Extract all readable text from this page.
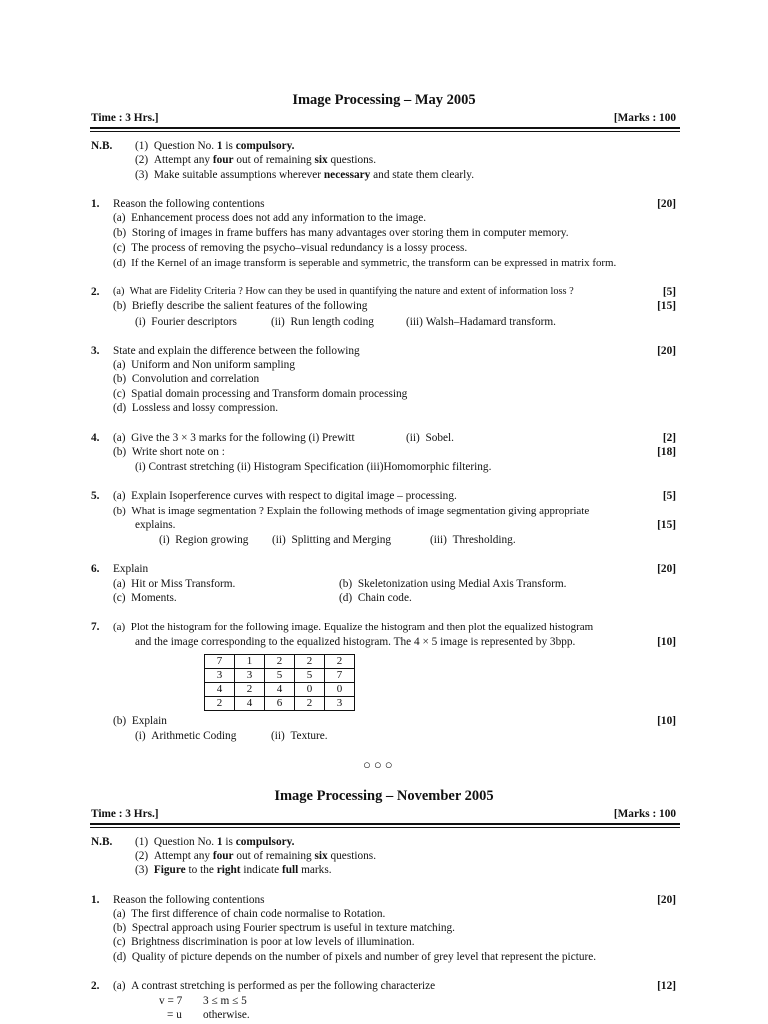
Image Processing – May 2005
Time : 3 Hrs.]	[Marks : 100
N.B. (1) Question No. 1 is compulsory.
(2) Attempt any four out of remaining six questions.
(3) Make suitable assumptions wherever necessary and state them clearly.
1. Reason the following contentions	[20]
(a)  Enhancement process does not add any information to the image.
(b)  Storing of images in frame buffers has many advantages over storing them in computer memory.
(c)  The process of removing the psycho–visual redundancy is a lossy process.
(d)  If the Kernel of an image transform is seperable and symmetric, the transform can be expressed in matrix form.
2. (a)  What are Fidelity Criteria ? How can they be used in quantifying the nature and extent of information loss ?	[5]
(b)  Briefly describe the salient features of the following	[15]
(i)  Fourier descriptors	(ii)  Run length coding	(iii) Walsh–Hadamard transform.
3. State and explain the difference between the following	[20]
(a)  Uniform and Non uniform sampling
(b)  Convolution and correlation
(c)  Spatial domain processing and Transform domain processing
(d)  Lossless and lossy compression.
4. (a)  Give the 3 × 3 marks for the following (i) Prewitt	(ii)  Sobel.	[2]
(b)  Write short note on :	[18]
(i) Contrast stretching (ii) Histogram Specification (iii)Homomorphic filtering.
5. (a)  Explain Isoperference curves with respect to digital image – processing.	[5]
(b)  What is image segmentation ? Explain the following methods of image segmentation giving appropriate
explains.	[15]
(i)  Region growing (ii)  Splitting and Merging	(iii)  Thresholding.
6. Explain	[20]
(a)  Hit or Miss Transform.	(b)  Skeletonization using Medial Axis Transform.
(c)  Moments.	(d)  Chain code.
7. (a)  Plot the histogram for the following image. Equalize the histogram and then plot the equalized histogram
and the image corresponding to the equalized histogram. The 4 × 5 image is represented by 3bpp.	[10]
7	1	2	2	2
3	3	5	5	7
4	2	4	0	0
2	4	6	2	3
(b)  Explain	[10]
(i)  Arithmetic Coding	(ii)  Texture.
○○○
Image Processing – November 2005
Time : 3 Hrs.]	[Marks : 100
N.B. (1) Question No. 1 is compulsory.
(2) Attempt any four out of remaining six questions.
(3) Figure to the right indicate full marks.
1. Reason the following contentions	[20]
(a)  The first difference of chain code normalise to Rotation.
(b)  Spectral approach using Fourier spectrum is useful in texture matching.
(c)  Brightness discrimination is poor at low levels of illumination.
(d)  Quality of picture depends on the number of pixels and number of grey level that represent the picture.
2. (a)  A contrast stretching is performed as per the following characterize	[12]
v = 7 3 ≤ m ≤ 5
= u otherwise.
